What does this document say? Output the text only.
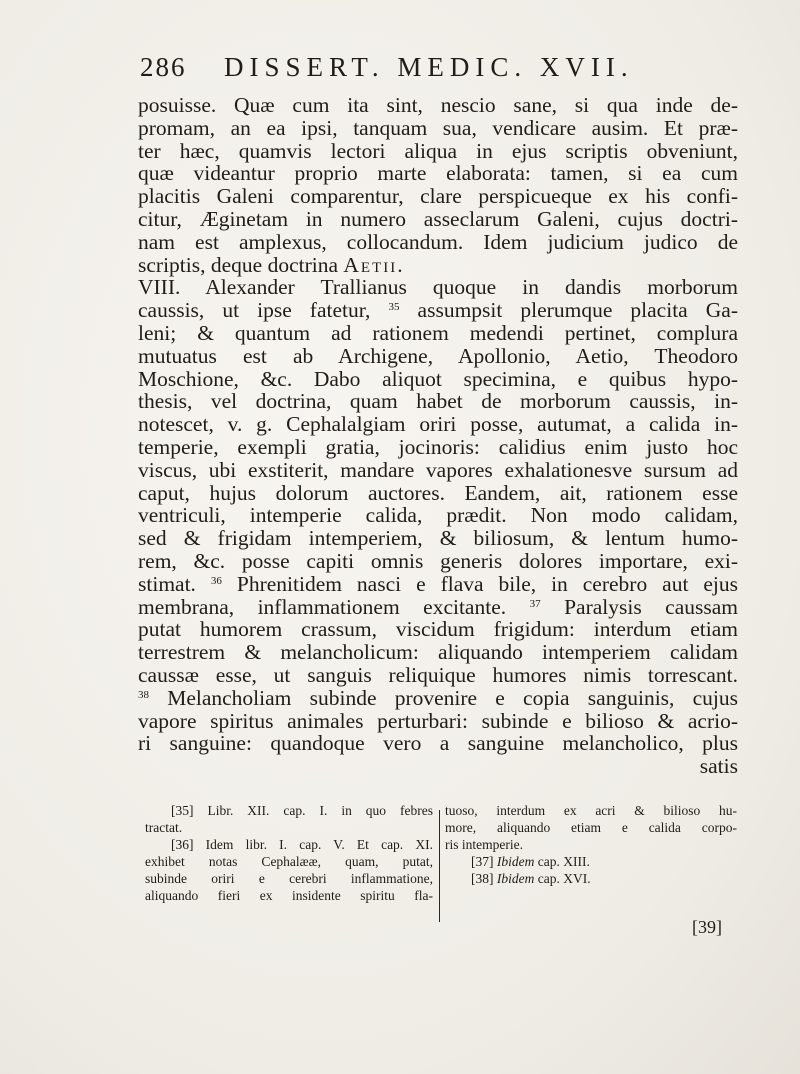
286 DISSERT. MEDIC. XVII.
posuisse. Quæ cum ita sint, nescio sane, si qua inde de-
promam, an ea ipsi, tanquam sua, vendicare ausim. Et præ-
ter hæc, quamvis lectori aliqua in ejus scriptis obveniunt,
quæ videantur proprio marte elaborata: tamen, si ea cum
placitis Galeni comparentur, clare perspicueque ex his confi-
citur, Æginetam in numero asseclarum Galeni, cujus doctri-
nam est amplexus, collocandum. Idem judicium judico de
scriptis, deque doctrina Aetii.
VIII. Alexander Trallianus quoque in dandis morborum
caussis, ut ipse fatetur, $^{35}$ assumpsit plerumque placita Ga-
leni; & quantum ad rationem medendi pertinet, complura
mutuatus est ab Archigene, Apollonio, Aetio, Theodoro
Moschione, &c. Dabo aliquot specimina, e quibus hypo-
thesis, vel doctrina, quam habet de morborum caussis, in-
notescet, v. g. Cephalalgiam oriri posse, autumat, a calida in-
temperie, exempli gratia, jocinoris: calidius enim justo hoc
viscus, ubi exstiterit, mandare vapores exhalationesve sursum ad
caput, hujus dolorum auctores. Eandem, ait, rationem esse
ventriculi, intemperie calida, prædit. Non modo calidam,
sed & frigidam intemperiem, & biliosum, & lentum humo-
rem, &c. posse capiti omnis generis dolores importare, exi-
stimat. $^{36}$ Phrenitidem nasci e flava bile, in cerebro aut ejus
membrana, inflammationem excitante. $^{37}$ Paralysis caussam
putat humorem crassum, viscidum frigidum: interdum etiam
terrestrem & melancholicum: aliquando intemperiem calidam
caussæ esse, ut sanguis reliquique humores nimis torrescant.
$^{38}$ Melancholiam subinde provenire e copia sanguinis, cujus
vapore spiritus animales perturbari: subinde e bilioso & acrio-
ri sanguine: quandoque vero a sanguine melancholico, plus
satis
[35] Libr. XII. cap. I. in quo febres
tractat.
[36] Idem libr. I. cap. V. Et cap. XI.
exhibet notas Cephalææ, quam, putat,
subinde oriri e cerebri inflammatione,
aliquando fieri ex insidente spiritu fla-
tuoso, interdum ex acri & bilioso hu-
more, aliquando etiam e calida corpo-
ris intemperie.
[37] Ibidem cap. XIII.
[38] Ibidem cap. XVI.
[39]
